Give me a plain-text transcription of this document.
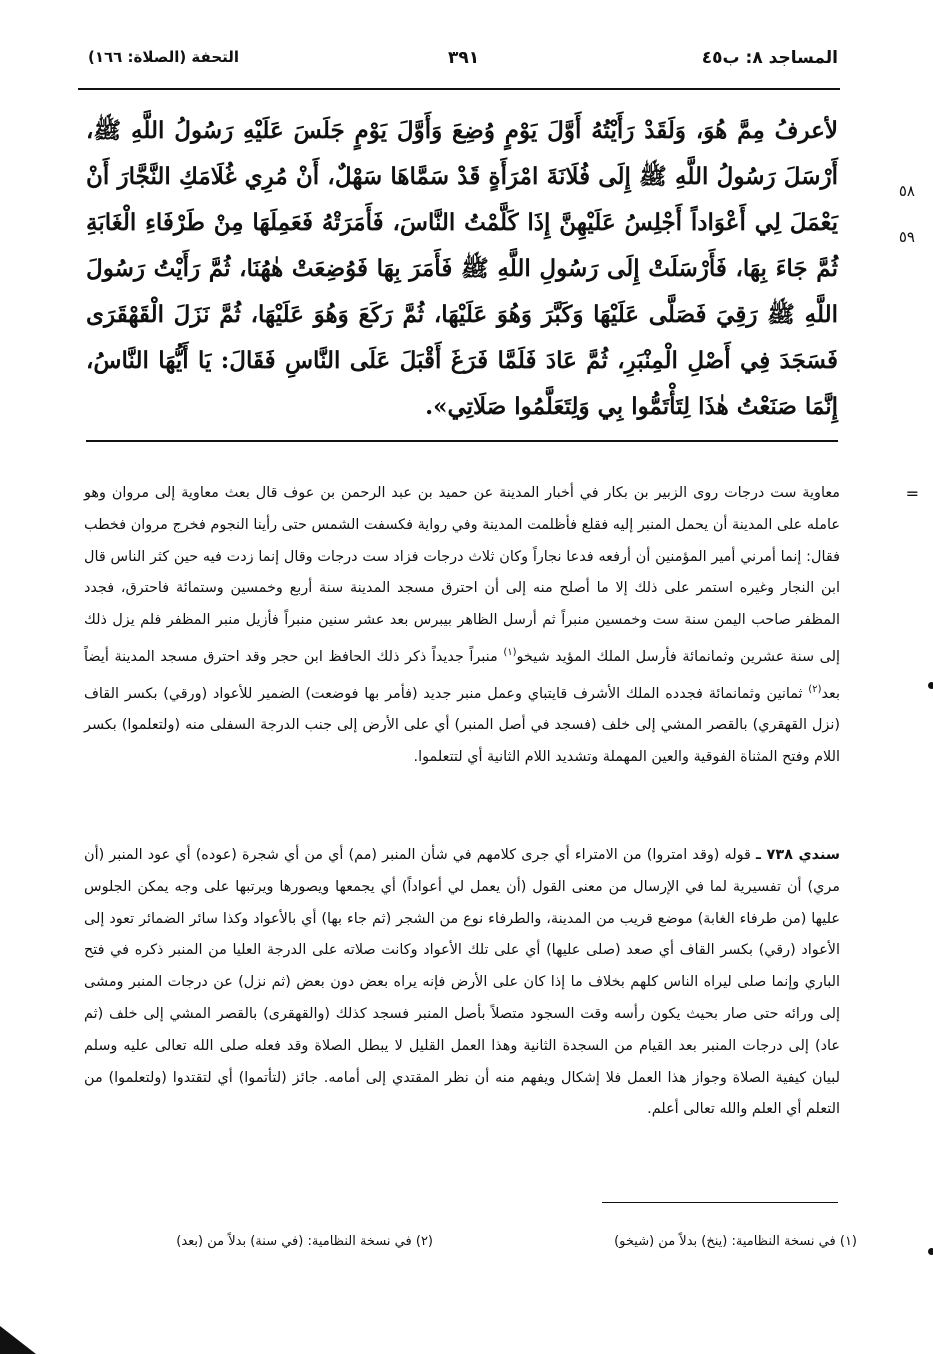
المساجد ٨: ب٤٥
٣٩١
التحفة (الصلاة: ١٦٦)
٥٨
٥٩
لأعرفُ مِمَّ هُوَ، وَلَقَدْ رَأَيْتُهُ أَوَّلَ يَوْمٍ وُضِعَ وَأَوَّلَ يَوْمٍ جَلَسَ عَلَيْهِ رَسُولُ اللَّهِ ﷺ، أَرْسَلَ رَسُولُ اللَّهِ ﷺ إِلَى فُلَانَةَ امْرَأَةٍ قَدْ سَمَّاهَا سَهْلٌ، أَنْ مُرِي غُلَامَكِ النَّجَّارَ أَنْ يَعْمَلَ لِي أَعْوَاداً أَجْلِسُ عَلَيْهِنَّ إِذَا كَلَّمْتُ النَّاسَ، فَأَمَرَتْهُ فَعَمِلَهَا مِنْ طَرْفَاءِ الْغَابَةِ ثُمَّ جَاءَ بِهَا، فَأَرْسَلَتْ إِلَى رَسُولِ اللَّهِ ﷺ فَأَمَرَ بِهَا فَوُضِعَتْ هٰهُنَا، ثُمَّ رَأَيْتُ رَسُولَ اللَّهِ ﷺ رَقِيَ فَصَلَّى عَلَيْهَا وَكَبَّرَ وَهُوَ عَلَيْهَا، ثُمَّ رَكَعَ وَهُوَ عَلَيْهَا، ثُمَّ نَزَلَ الْقَهْقَرَى فَسَجَدَ فِي أَصْلِ الْمِنْبَرِ، ثُمَّ عَادَ فَلَمَّا فَرَغَ أَقْبَلَ عَلَى النَّاسِ فَقَالَ: يَا أَيُّهَا النَّاسُ، إِنَّمَا صَنَعْتُ هٰذَا لِتَأْتَمُّوا بِي وَلِتَعَلَّمُوا صَلَاتِي».
=
معاوية ست درجات روى الزبير بن بكار في أخبار المدينة عن حميد بن عبد الرحمن بن عوف قال بعث معاوية إلى مروان وهو عامله على المدينة أن يحمل المنبر إليه فقلع فأظلمت المدينة وفي رواية فكسفت الشمس حتى رأينا النجوم فخرج مروان فخطب فقال: إنما أمرني أمير المؤمنين أن أرفعه فدعا نجاراً وكان ثلاث درجات فزاد ست درجات وقال إنما زدت فيه حين كثر الناس قال ابن النجار وغيره استمر على ذلك إلا ما أصلح منه إلى أن احترق مسجد المدينة سنة أربع وخمسين وستمائة فاحترق، فجدد المظفر صاحب اليمن سنة ست وخمسين منبراً ثم أرسل الظاهر بيبرس بعد عشر سنين منبراً فأزيل منبر المظفر فلم يزل ذلك إلى سنة عشرين وثمانمائة فأرسل الملك المؤيد شيخو$^{(١)}$ منبراً جديداً ذكر ذلك الحافظ ابن حجر وقد احترق مسجد المدينة أيضاً بعد$^{(٢)}$ ثمانين وثمانمائة فجدده الملك الأشرف قايتباي وعمل منبر جديد (فأمر بها فوضعت) الضمير للأعواد (ورقي) بكسر القاف (نزل القهقري) بالقصر المشي إلى خلف (فسجد في أصل المنبر) أي على الأرض إلى جنب الدرجة السفلى منه (ولتعلموا) بكسر اللام وفتح المثناة الفوقية والعين المهملة وتشديد اللام الثانية أي لتتعلموا.
سندي ٧٣٨ ـ قوله (وقد امتروا) من الامتراء أي جرى كلامهم في شأن المنبر (مم) أي من أي شجرة (عوده) أي عود المنبر (أن مري) أن تفسيرية لما في الإرسال من معنى القول (أن يعمل لي أعواداً) أي يجمعها ويصورها ويرتبها على وجه يمكن الجلوس عليها (من طرفاء الغابة) موضع قريب من المدينة، والطرفاء نوع من الشجر (ثم جاء بها) أي بالأعواد وكذا سائر الضمائر تعود إلى الأعواد (رقي) بكسر القاف أي صعد (صلى عليها) أي على تلك الأعواد وكانت صلاته على الدرجة العليا من المنبر ذكره في فتح الباري وإنما صلى ليراه الناس كلهم بخلاف ما إذا كان على الأرض فإنه يراه بعض دون بعض (ثم نزل) عن درجات المنبر ومشى إلى ورائه حتى صار بحيث يكون رأسه وقت السجود متصلاً بأصل المنبر فسجد كذلك (والقهقرى) بالقصر المشي إلى خلف (ثم عاد) إلى درجات المنبر بعد القيام من السجدة الثانية وهذا العمل القليل لا يبطل الصلاة وقد فعله صلى الله تعالى عليه وسلم لبيان كيفية الصلاة وجواز هذا العمل فلا إشكال ويفهم منه أن نظر المقتدي إلى أمامه. جائز (لتأتموا) أي لتقتدوا (ولتعلموا) من التعلم أي العلم والله تعالى أعلم.
(١) في نسخة النظامية: (ينخ) بدلاً من (شيخو)
(٢) في نسخة النظامية: (في سنة) بدلاً من (بعد)
